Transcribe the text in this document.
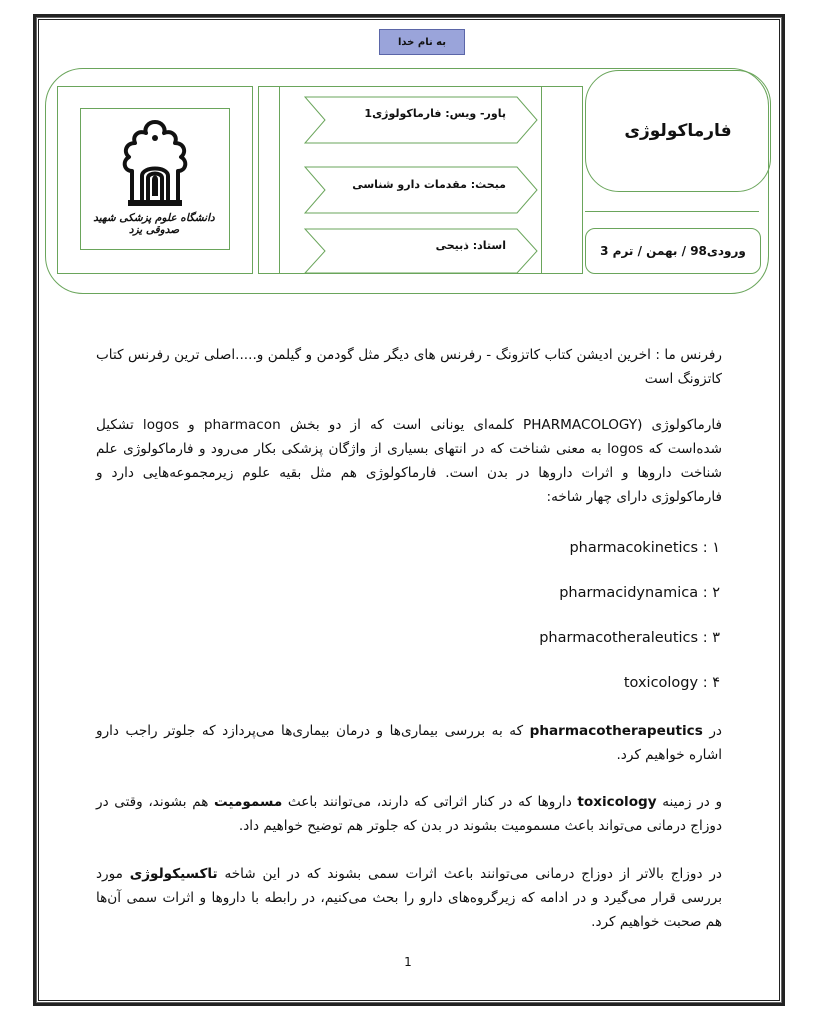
به نام خدا
دانشگاه علوم پزشکی شهید صدوقی یزد
پاور- ویس: فارماکولوژی1
مبحث: مقدمات دارو شناسی
استاد: ذبیحی
فارماکولوژی
ورودی98 / بهمن / ترم 3
رفرنس ما : اخرین ادیشن کتاب کاتزونگ - رفرنس های دیگر مثل گودمن و گیلمن و.....اصلی ترین رفرنس کتاب کاتزونگ است
فارماکولوژی (PHARMACOLOGY کلمه‌ای یونانی است که از دو بخش pharmacon و logos تشکیل شده‌است که logos به معنی شناخت که در انتهای بسیاری از واژگان پزشکی بکار می‌رود و فارماکولوژی علم شناخت داروها و اثرات داروها در بدن است. فارماکولوژی هم مثل بقیه علوم زیرمجموعه‌هایی دارد و فارماکولوژی دارای چهار شاخه:
pharmacokinetics : ۱
pharmacidynamica : ۲
pharmacotheraleutics : ۳
toxicology : ۴
در pharmacotherapeutics که به بررسی بیماری‌ها و درمان بیماری‌ها می‌پردازد که جلوتر راجب دارو اشاره خواهیم کرد.
و در زمینه toxicology داروها که در کنار اثراتی که دارند، می‌توانند باعث مسمومیت هم بشوند، وقتی در دوزاج درمانی می‌تواند باعث مسمومیت بشوند در بدن که جلوتر هم توضیح خواهیم داد.
در دوزاج بالاتر از دوزاج درمانی می‌توانند باعث اثرات سمی بشوند که در این شاخه تاکسیکولوژی مورد بررسی قرار می‌گیرد و در ادامه که زیرگروه‌های دارو را بحث می‌کنیم، در رابطه با داروها و اثرات سمی آن‌ها هم صحبت خواهیم کرد.
1
